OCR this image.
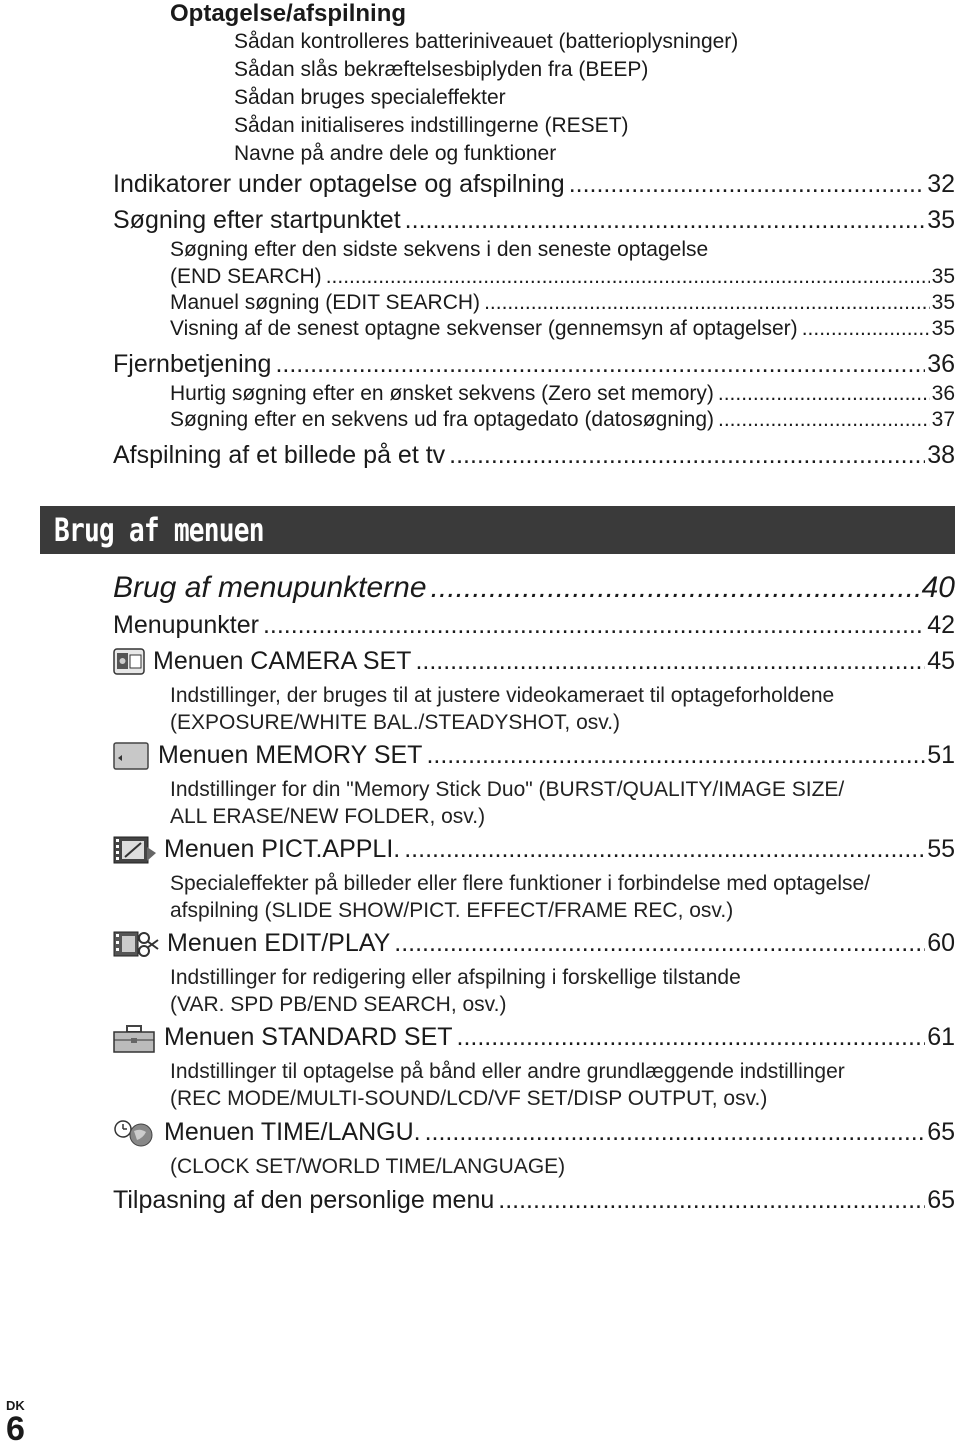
Optagelse/afspilning
Sådan kontrolleres batteriniveauet (batterioplysninger)
Sådan slås bekræftelsesbiplyden fra (BEEP)
Sådan bruges specialeffekter
Sådan initialiseres indstillingerne (RESET)
Navne på andre dele og funktioner
Indikatorer under optagelse og afspilning .....	32
Søgning efter startpunktet .....	35
Søgning efter den sidste sekvens i den seneste optagelse
(END SEARCH) .....	35
Manuel søgning (EDIT SEARCH) .....	35
Visning af de senest optagne sekvenser (gennemsyn af optagelser) .....	35
Fjernbetjening .....	36
Hurtig søgning efter en ønsket sekvens (Zero set memory) .....	36
Søgning efter en sekvens ud fra optagedato (datosøgning) .....	37
Afspilning af et billede på et tv .....	38
Brug af menuen
Brug af menupunkterne .....	40
Menupunkter .....	42
Menuen CAMERA SET .....	45
Indstillinger, der bruges til at justere videokameraet til optageforholdene
(EXPOSURE/WHITE BAL./STEADYSHOT, osv.)
Menuen MEMORY SET .....	51
Indstillinger for din "Memory Stick Duo" (BURST/QUALITY/IMAGE SIZE/
ALL ERASE/NEW FOLDER, osv.)
Menuen PICT.APPLI. .....	55
Specialeffekter på billeder eller flere funktioner i forbindelse med optagelse/
afspilning (SLIDE SHOW/PICT. EFFECT/FRAME REC, osv.)
Menuen EDIT/PLAY .....	60
Indstillinger for redigering eller afspilning i forskellige tilstande
(VAR. SPD PB/END SEARCH, osv.)
Menuen STANDARD SET .....	61
Indstillinger til optagelse på bånd eller andre grundlæggende indstillinger
(REC MODE/MULTI-SOUND/LCD/VF SET/DISP OUTPUT, osv.)
Menuen TIME/LANGU. .....	65
(CLOCK SET/WORLD TIME/LANGUAGE)
Tilpasning af den personlige menu .....	65
DK
6
